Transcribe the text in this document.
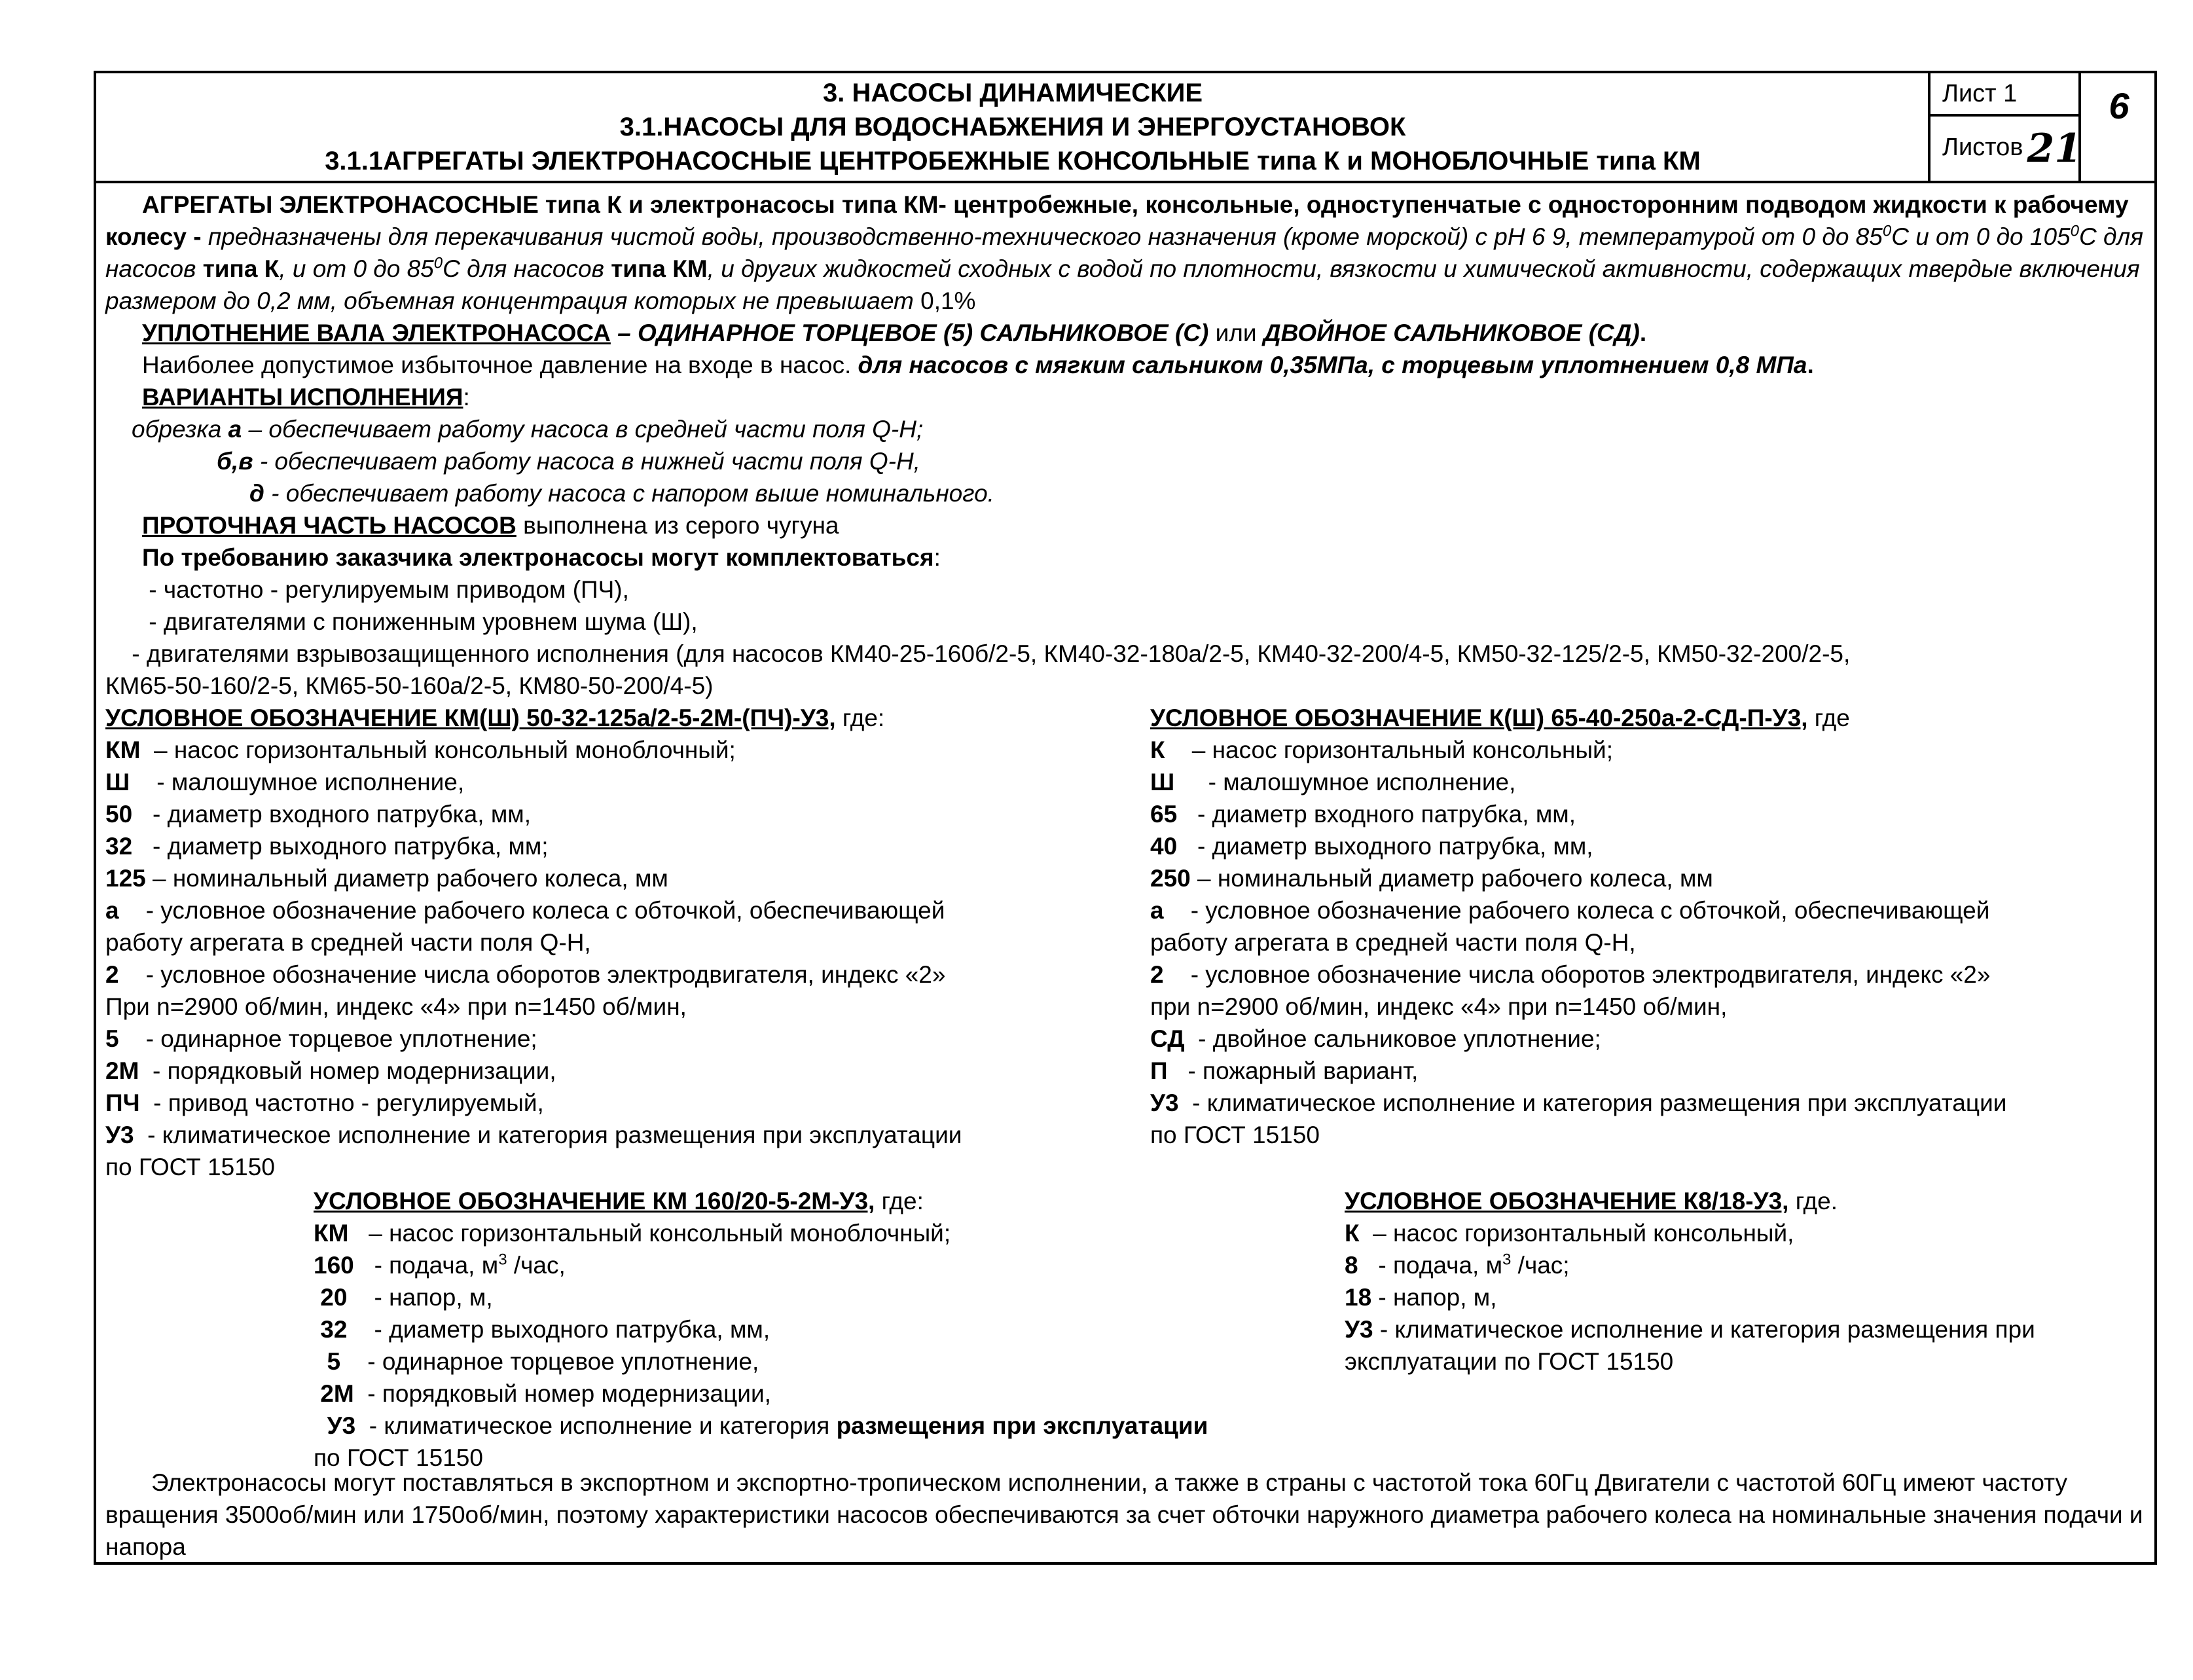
3. НАСОСЫ ДИНАМИЧЕСКИЕ
3.1.НАСОСЫ ДЛЯ ВОДОСНАБЖЕНИЯ И ЭНЕРГОУСТАНОВОК
3.1.1АГРЕГАТЫ ЭЛЕКТРОНАСОСНЫЕ ЦЕНТРОБЕЖНЫЕ КОНСОЛЬНЫЕ типа К и МОНОБЛОЧНЫЕ типа КМ
Лист 1
Листов 21
6

АГРЕГАТЫ ЭЛЕКТРОНАСОСНЫЕ типа К и электронасосы типа КМ- центробежные, консольные, одноступенчатые с односторонним подводом жидкости к рабочему колесу - предназначены для перекачивания чистой воды, производственно-технического назначения (кроме морской) с pH 6 9, температурой от 0 до $85^0С$ и от 0 до $105^0С$ для насосов типа К, и от 0 до $85^0С$ для насосов типа КМ, и других жидкостей сходных с водой по плотности, вязкости и химической активности, содержащих твердые включения размером до 0,2 мм, объемная концентрация которых не превышает 0,1%

УПЛОТНЕНИЕ ВАЛА ЭЛЕКТРОНАСОСА – ОДИНАРНОЕ ТОРЦЕВОЕ (5) САЛЬНИКОВОЕ (С) или ДВОЙНОЕ САЛЬНИКОВОЕ (СД).

Наиболее допустимое избыточное давление на входе в насос. для насосов с мягким сальником 0,35МПа, с торцевым уплотнением 0,8 МПа.

ВАРИАНТЫ ИСПОЛНЕНИЯ:

обрезка а – обеспечивает работу насоса в средней части поля Q-H;

б,в - обеспечивает работу насоса в нижней части поля Q-H,

д - обеспечивает работу насоса с напором выше номинального.

ПРОТОЧНАЯ ЧАСТЬ НАСОСОВ выполнена из серого чугуна

По требованию заказчика электронасосы могут комплектоваться:

- частотно - регулируемым приводом (ПЧ),

- двигателями с пониженным уровнем шума (Ш),

- двигателями взрывозащищенного исполнения (для насосов КМ40-25-160б/2-5, КМ40-32-180а/2-5, КМ40-32-200/4-5, КМ50-32-125/2-5, КМ50-32-200/2-5,

КМ65-50-160/2-5, КМ65-50-160а/2-5, КМ80-50-200/4-5)

УСЛОВНОЕ ОБОЗНАЧЕНИЕ КМ(Ш) 50-32-125а/2-5-2М-(ПЧ)-У3, где:

КМ  – насос горизонтальный консольный моноблочный;

Ш    - малошумное исполнение,

50   - диаметр входного патрубка, мм,

32   - диаметр выходного патрубка, мм;

125 – номинальный диаметр рабочего колеса, мм

а    - условное обозначение рабочего колеса с обточкой, обеспечивающей

работу агрегата в средней части поля Q-H,

2    - условное обозначение числа оборотов электродвигателя, индекс «2»

При n=2900 об/мин, индекс «4» при n=1450 об/мин,

5    - одинарное торцевое уплотнение;

2М  - порядковый номер модернизации,

ПЧ  - привод частотно - регулируемый,

У3  - климатическое исполнение и категория размещения при эксплуатации

по ГОСТ 15150

УСЛОВНОЕ ОБОЗНАЧЕНИЕ К(Ш) 65-40-250а-2-СД-П-У3, где

К    – насос горизонтальный консольный;

Ш     - малошумное исполнение,

65   - диаметр входного патрубка, мм,

40   - диаметр выходного патрубка, мм,

250 – номинальный диаметр рабочего колеса, мм

а    - условное обозначение рабочего колеса с обточкой, обеспечивающей

работу агрегата в средней части поля Q-H,

2    - условное обозначение числа оборотов электродвигателя, индекс «2»

при n=2900 об/мин, индекс «4» при n=1450 об/мин,

СД  - двойное сальниковое уплотнение;

П   - пожарный вариант,

У3  - климатическое исполнение и категория размещения при эксплуатации

по ГОСТ 15150

УСЛОВНОЕ ОБОЗНАЧЕНИЕ КМ 160/20-5-2М-У3, где:

КМ   – насос горизонтальный консольный моноблочный;

160   - подача, $м^3$ /час,

20    - напор, м,

32    - диаметр выходного патрубка, мм,

5    - одинарное торцевое уплотнение,

2М  - порядковый номер модернизации,

У3  - климатическое исполнение и категория размещения при эксплуатации

по ГОСТ 15150

УСЛОВНОЕ ОБОЗНАЧЕНИЕ К8/18-У3, где.

К  – насос горизонтальный консольный,

8   - подача, $м^3$ /час;

18 - напор, м,

У3 - климатическое исполнение и категория размещения при

эксплуатации по ГОСТ 15150

Электронасосы могут поставляться в экспортном и экспортно-тропическом исполнении, а также в страны с частотой тока 60Гц Двигатели с частотой 60Гц имеют частоту вращения 3500об/мин или 1750об/мин, поэтому характеристики насосов обеспечиваются за счет обточки наружного диаметра рабочего колеса на номинальные значения подачи и напора
